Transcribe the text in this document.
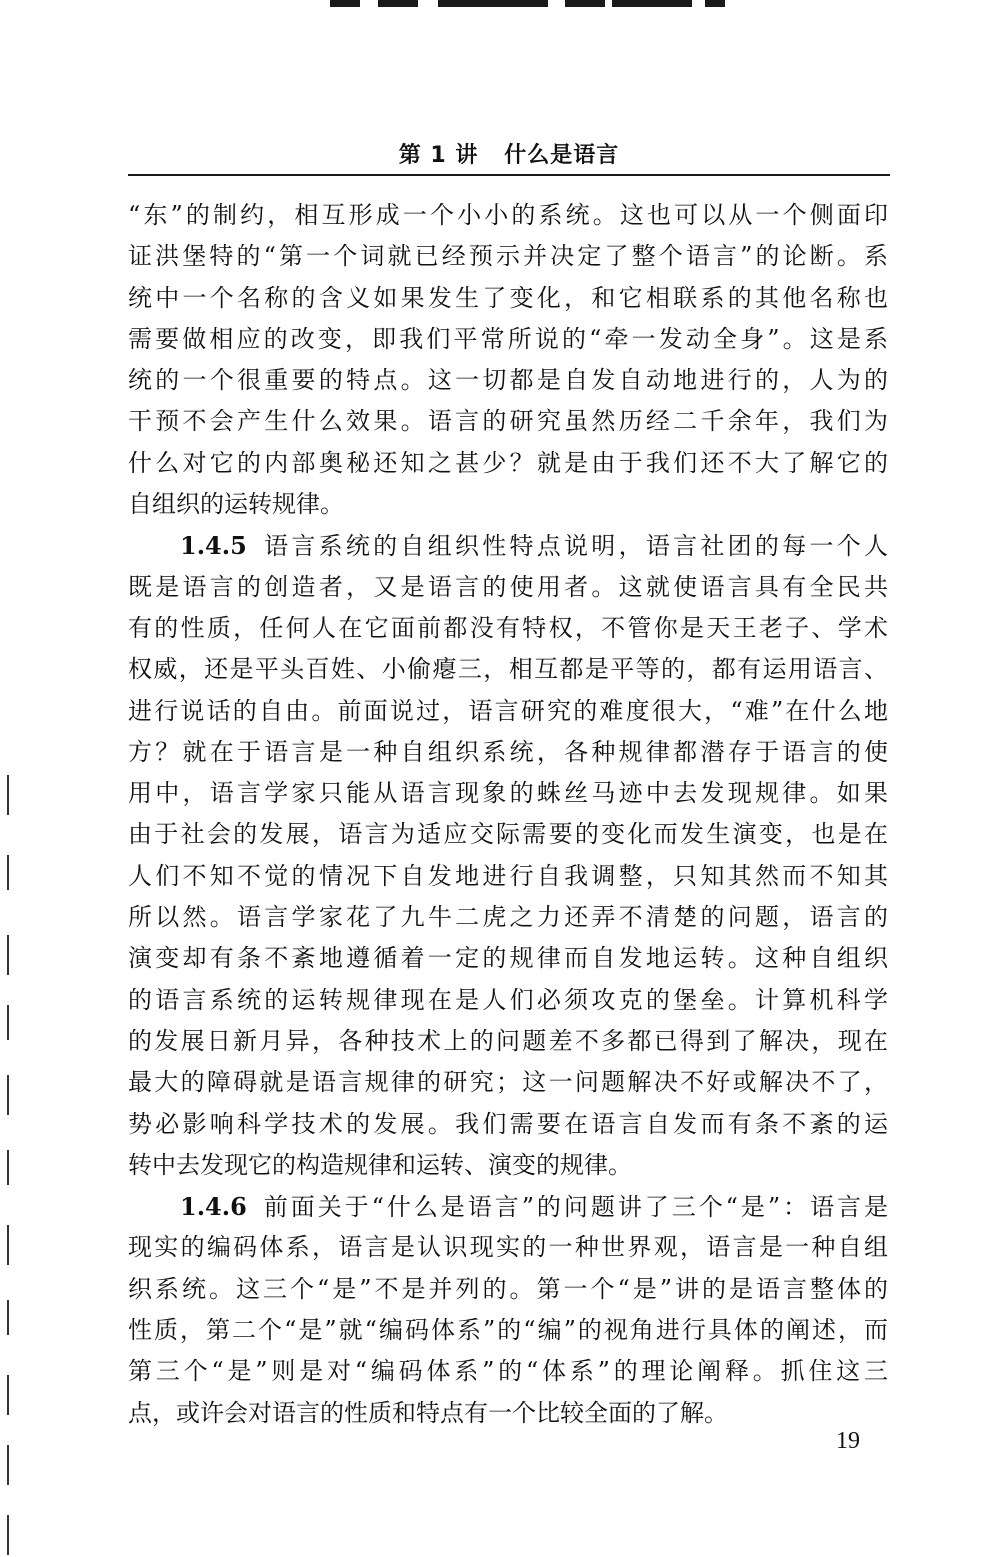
第 1 讲   什么是语言
“东”的制约，相互形成一个小小的系统。这也可以从一个侧面印
证洪堡特的“第一个词就已经预示并决定了整个语言”的论断。系
统中一个名称的含义如果发生了变化，和它相联系的其他名称也
需要做相应的改变，即我们平常所说的“牵一发动全身”。这是系
统的一个很重要的特点。这一切都是自发自动地进行的，人为的
干预不会产生什么效果。语言的研究虽然历经二千余年，我们为
什么对它的内部奥秘还知之甚少？就是由于我们还不大了解它的
自组织的运转规律。
1.4.5 语言系统的自组织性特点说明，语言社团的每一个人
既是语言的创造者，又是语言的使用者。这就使语言具有全民共
有的性质，任何人在它面前都没有特权，不管你是天王老子、学术
权威，还是平头百姓、小偷瘪三，相互都是平等的，都有运用语言、
进行说话的自由。前面说过，语言研究的难度很大，“难”在什么地
方？就在于语言是一种自组织系统，各种规律都潜存于语言的使
用中，语言学家只能从语言现象的蛛丝马迹中去发现规律。如果
由于社会的发展，语言为适应交际需要的变化而发生演变，也是在
人们不知不觉的情况下自发地进行自我调整，只知其然而不知其
所以然。语言学家花了九牛二虎之力还弄不清楚的问题，语言的
演变却有条不紊地遵循着一定的规律而自发地运转。这种自组织
的语言系统的运转规律现在是人们必须攻克的堡垒。计算机科学
的发展日新月异，各种技术上的问题差不多都已得到了解决，现在
最大的障碍就是语言规律的研究；这一问题解决不好或解决不了，
势必影响科学技术的发展。我们需要在语言自发而有条不紊的运
转中去发现它的构造规律和运转、演变的规律。
1.4.6 前面关于“什么是语言”的问题讲了三个“是”：语言是
现实的编码体系，语言是认识现实的一种世界观，语言是一种自组
织系统。这三个“是”不是并列的。第一个“是”讲的是语言整体的
性质，第二个“是”就“编码体系”的“编”的视角进行具体的阐述，而
第三个“是”则是对“编码体系”的“体系”的理论阐释。抓住这三
点，或许会对语言的性质和特点有一个比较全面的了解。
19
